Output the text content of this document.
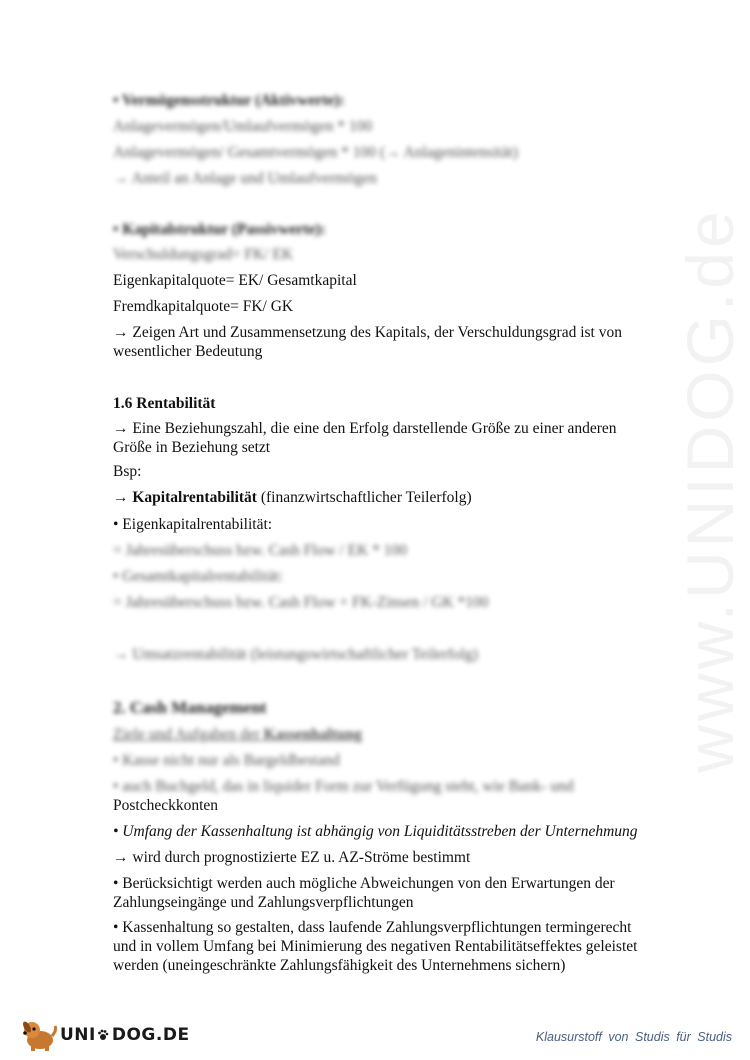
www.UNIDOG.de
• Vermögensstruktur (Aktivwerte):
Anlagevermögen/Umlaufvermögen * 100
Anlagevermögen/ Gesamtvermögen * 100 (→ Anlagenintensität)
→ Anteil an Anlage und Umlaufvermögen
• Kapitalstruktur (Passivwerte):
Verschuldungsgrad= FK/ EK
Eigenkapitalquote= EK/ Gesamtkapital
Fremdkapitalquote= FK/ GK
→ Zeigen Art und Zusammensetzung des Kapitals, der Verschuldungsgrad ist von
wesentlicher Bedeutung
1.6 Rentabilität
→ Eine Beziehungszahl, die eine den Erfolg darstellende Größe zu einer anderen
Größe in Beziehung setzt
Bsp:
→ Kapitalrentabilität (finanzwirtschaftlicher Teilerfolg)
• Eigenkapitalrentabilität:
= Jahresüberschuss bzw. Cash Flow / EK * 100
• Gesamtkapitalrentabilität:
= Jahresüberschuss bzw. Cash Flow + FK-Zinsen / GK *100
→ Umsatzrentabilität (leistungswirtschaftlicher Teilerfolg)
2. Cash Management
Ziele und Aufgaben der Kassenhaltung
• Kasse nicht nur als Bargeldbestand
• auch Buchgeld, das in liquider Form zur Verfügung steht, wie Bank- und
Postcheckkonten
• Umfang der Kassenhaltung ist abhängig von Liquiditätsstreben der Unternehmung
→ wird durch prognostizierte EZ u. AZ-Ströme bestimmt
• Berücksichtigt werden auch mögliche Abweichungen von den Erwartungen der
Zahlungseingänge und Zahlungsverpflichtungen
• Kassenhaltung so gestalten, dass laufende Zahlungsverpflichtungen termingerecht
und in vollem Umfang bei Minimierung des negativen Rentabilitätseffektes geleistet
werden (uneingeschränkte Zahlungsfähigkeit des Unternehmens sichern)
UNI DOG.DE	Klausurstoff von Studis für Studis
